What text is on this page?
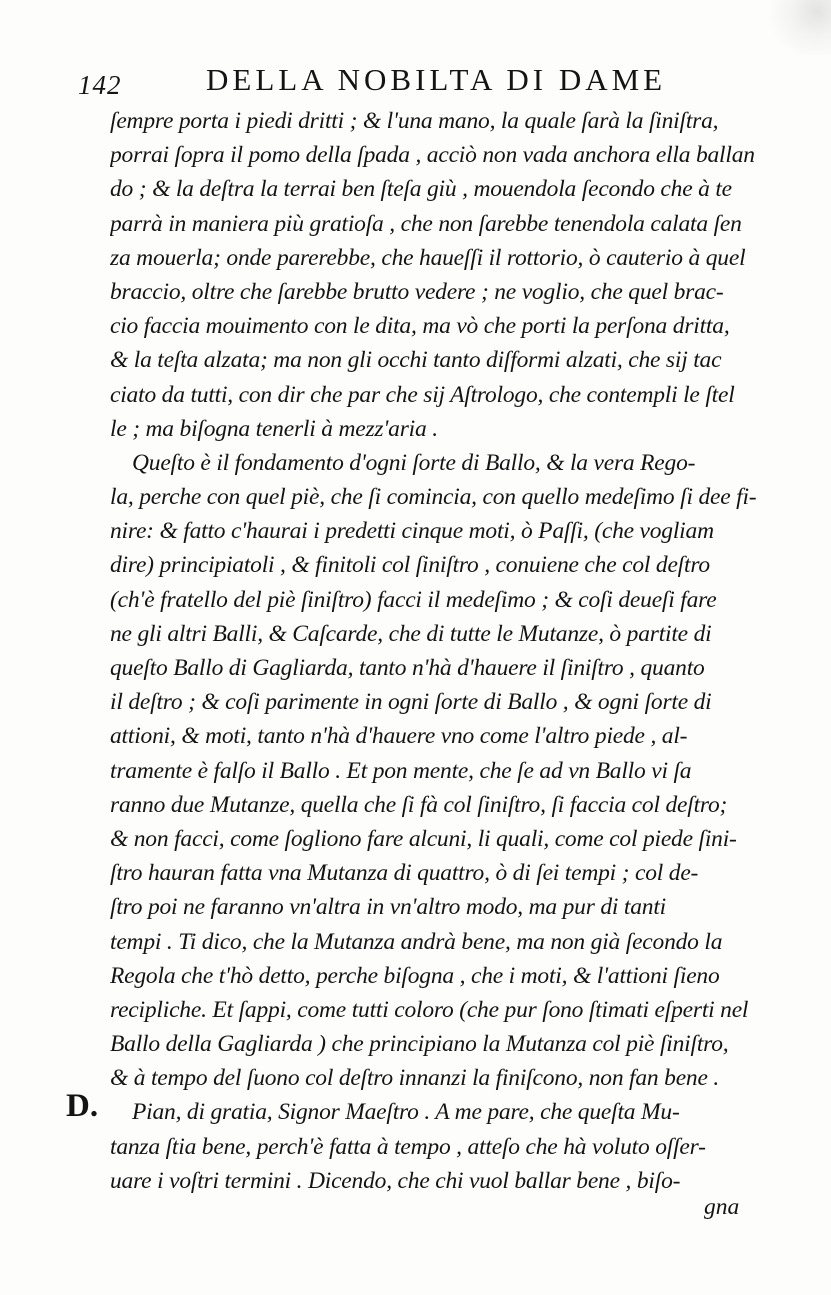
142	DELLA NOBILTA DI DAME
ſempre porta i piedi dritti ; & l'una mano, la quale ſarà la ſiniſtra,
porrai ſopra il pomo della ſpada , acciò non vada anchora ella ballan
do ; & la deſtra la terrai ben ſteſa giù , mouendola ſecondo che à te
parrà in maniera più gratioſa , che non ſarebbe tenendola calata ſen
za mouerla; onde parerebbe, che haueſſi il rottorio, ò cauterio à quel
braccio, oltre che ſarebbe brutto vedere ; ne voglio, che quel brac-
cio faccia mouimento con le dita, ma vò che porti la perſona dritta,
& la teſta alzata; ma non gli occhi tanto diſformi alzati, che sij tac
ciato da tutti, con dir che par che sij Aſtrologo, che contempli le ſtel
le ; ma biſogna tenerli à mezz'aria .
Queſto è il fondamento d'ogni ſorte di Ballo, & la vera Rego-
la, perche con quel piè, che ſi comincia, con quello medeſimo ſi dee fi-
nire: & fatto c'haurai i predetti cinque moti, ò Paſſi, (che vogliam
dire) principiatoli , & finitoli col ſiniſtro , conuiene che col deſtro
(ch'è fratello del piè ſiniſtro) facci il medeſimo ; & coſi deueſi fare
ne gli altri Balli, & Caſcarde, che di tutte le Mutanze, ò partite di
queſto Ballo di Gagliarda, tanto n'hà d'hauere il ſiniſtro , quanto
il deſtro ; & coſi parimente in ogni ſorte di Ballo , & ogni ſorte di
attioni, & moti, tanto n'hà d'hauere vno come l'altro piede , al-
tramente è falſo il Ballo . Et pon mente, che ſe ad vn Ballo vi ſa
ranno due Mutanze, quella che ſi fà col ſiniſtro, ſi faccia col deſtro;
& non facci, come ſogliono fare alcuni, li quali, come col piede ſini-
ſtro hauran fatta vna Mutanza di quattro, ò di ſei tempi ; col de-
ſtro poi ne faranno vn'altra in vn'altro modo, ma pur di tanti
tempi . Ti dico, che la Mutanza andrà bene, ma non già ſecondo la
Regola che t'hò detto, perche biſogna , che i moti, & l'attioni ſieno
recipliche. Et ſappi, come tutti coloro (che pur ſono ſtimati eſperti nel
Ballo della Gagliarda ) che principiano la Mutanza col piè ſiniſtro,
& à tempo del ſuono col deſtro innanzi la finiſcono, non fan bene .
Pian, di gratia, Signor Maeſtro . A me pare, che queſta Mu-
tanza ſtia bene, perch'è fatta à tempo , atteſo che hà voluto oſſer-
uare i voſtri termini . Dicendo, che chi vuol ballar bene , biſo-
D.
gna
